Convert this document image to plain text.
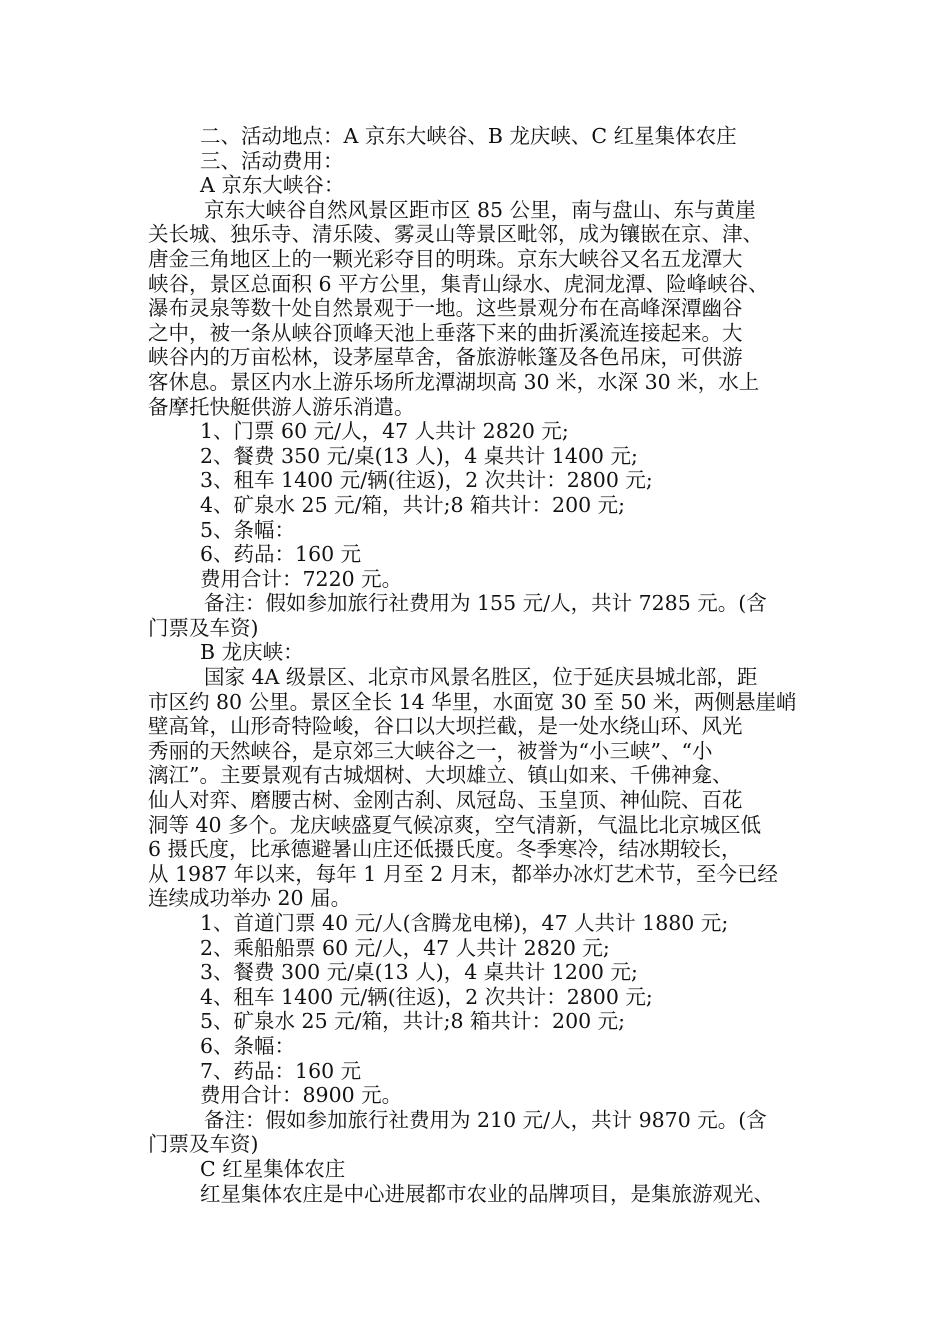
二、活动地点：A 京东大峡谷、B 龙庆峡、C 红星集体农庄
三、活动费用：
A 京东大峡谷：
京东大峡谷自然风景区距市区 85 公里，南与盘山、东与黄崖
关长城、独乐寺、清乐陵、雾灵山等景区毗邻，成为镶嵌在京、津、
唐金三角地区上的一颗光彩夺目的明珠。京东大峡谷又名五龙潭大
峡谷，景区总面积 6 平方公里，集青山绿水、虎洞龙潭、险峰峡谷、
瀑布灵泉等数十处自然景观于一地。这些景观分布在高峰深潭幽谷
之中，被一条从峡谷顶峰天池上垂落下来的曲折溪流连接起来。大
峡谷内的万亩松林，设茅屋草舍，备旅游帐篷及各色吊床，可供游
客休息。景区内水上游乐场所龙潭湖坝高 30 米，水深 30 米，水上
备摩托快艇供游人游乐消遣。
1、门票 60 元/人，47 人共计 2820 元;
2、餐费 350 元/桌(13 人)，4 桌共计 1400 元;
3、租车 1400 元/辆(往返)，2 次共计：2800 元;
4、矿泉水 25 元/箱，共计;8 箱共计：200 元;
5、条幅：
6、药品：160 元
费用合计：7220 元。
备注：假如参加旅行社费用为 155 元/人，共计 7285 元。(含
门票及车资)
B 龙庆峡：
国家 4A 级景区、北京市风景名胜区，位于延庆县城北部，距
市区约 80 公里。景区全长 14 华里，水面宽 30 至 50 米，两侧悬崖峭
壁高耸，山形奇特险峻，谷口以大坝拦截，是一处水绕山环、风光
秀丽的天然峡谷，是京郊三大峡谷之一，被誉为“小三峡”、“小
漓江”。主要景观有古城烟树、大坝雄立、镇山如来、千佛神龛、
仙人对弈、磨腰古树、金刚古刹、凤冠岛、玉皇顶、神仙院、百花
洞等 40 多个。龙庆峡盛夏气候凉爽，空气清新，气温比北京城区低
6 摄氏度，比承德避暑山庄还低摄氏度。冬季寒冷，结冰期较长，
从 1987 年以来，每年 1 月至 2 月末，都举办冰灯艺术节，至今已经
连续成功举办 20 届。
1、首道门票 40 元/人(含腾龙电梯)，47 人共计 1880 元;
2、乘船船票 60 元/人，47 人共计 2820 元;
3、餐费 300 元/桌(13 人)，4 桌共计 1200 元;
4、租车 1400 元/辆(往返)，2 次共计：2800 元;
5、矿泉水 25 元/箱，共计;8 箱共计：200 元;
6、条幅：
7、药品：160 元
费用合计：8900 元。
备注：假如参加旅行社费用为 210 元/人，共计 9870 元。(含
门票及车资)
C 红星集体农庄
红星集体农庄是中心进展都市农业的品牌项目，是集旅游观光、
